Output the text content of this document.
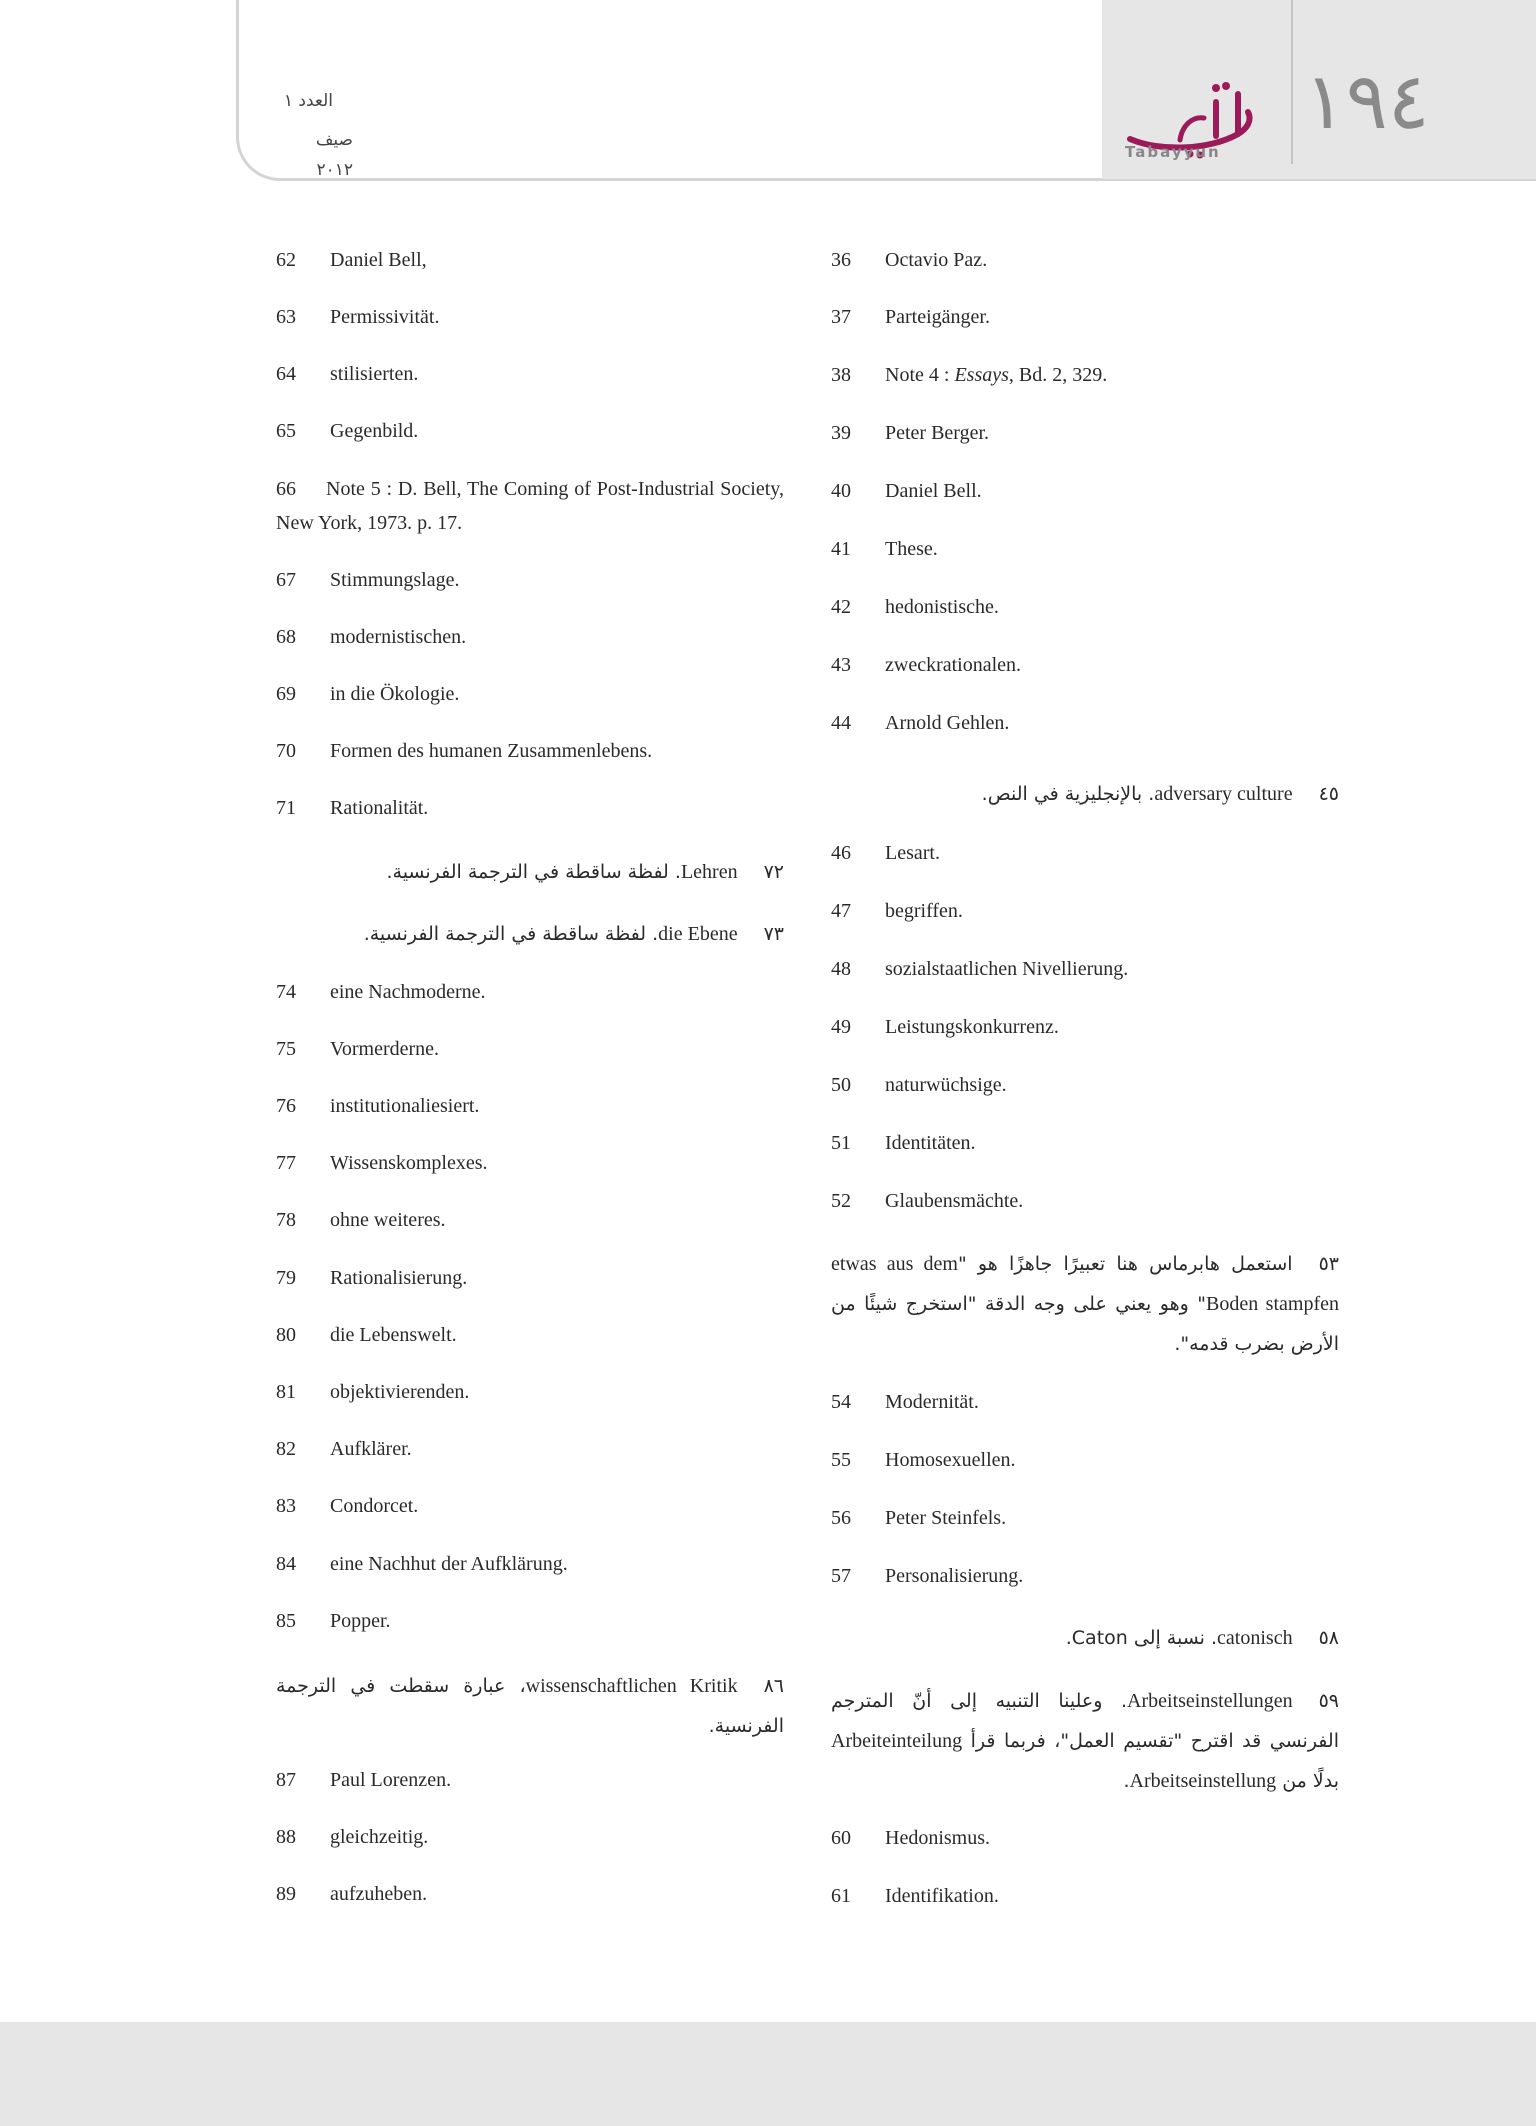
العدد ١
صيف ٢٠١٢
Tabayyun
١٩٤
62 Daniel Bell,
63 Permissivität.
64 stilisierten.
65 Gegenbild.
66 Note 5 : D. Bell, The Coming of Post-Industrial Society, New York, 1973. p. 17.
67 Stimmungslage.
68 modernistischen.
69 in die Ökologie.
70 Formen des humanen Zusammenlebens.
71 Rationalität.
٧٢Lehren. لفظة ساقطة في الترجمة الفرنسية.
٧٣die Ebene. لفظة ساقطة في الترجمة الفرنسية.
74 eine Nachmoderne.
75 Vormerderne.
76 institutionaliesiert.
77 Wissenskomplexes.
78 ohne weiteres.
79 Rationalisierung.
80 die Lebenswelt.
81 objektivierenden.
82 Aufklärer.
83 Condorcet.
84 eine Nachhut der Aufklärung.
85 Popper.
٨٦wissenschaftlichen Kritik، عبارة سقطت في الترجمة الفرنسية.
87 Paul Lorenzen.
88 gleichzeitig.
89 aufzuheben.
36 Octavio Paz.
37 Parteigänger.
38 Note 4 : Essays, Bd. 2, 329.
39 Peter Berger.
40 Daniel Bell.
41 These.
42 hedonistische.
43 zweckrationalen.
44 Arnold Gehlen.
٤٥adversary culture. بالإنجليزية في النص.
46 Lesart.
47 begriffen.
48 sozialstaatlichen Nivellierung.
49 Leistungskonkurrenz.
50 naturwüchsige.
51 Identitäten.
52 Glaubensmächte.
٥٣استعمل هابرماس هنا تعبيرًا جاهزًا هو "etwas aus dem Boden stampfen" وهو يعني على وجه الدقة "استخرج شيئًا من الأرض بضرب قدمه".
54 Modernität.
55 Homosexuellen.
56 Peter Steinfels.
57 Personalisierung.
٥٨catonisch. نسبة إلى Caton.
٥٩Arbeitseinstellungen. وعلينا التنبيه إلى أنّ المترجم الفرنسي قد اقترح "تقسيم العمل"، فربما قرأ Arbeiteinteilung بدلًا من Arbeitseinstellung.
60 Hedonismus.
61 Identifikation.
